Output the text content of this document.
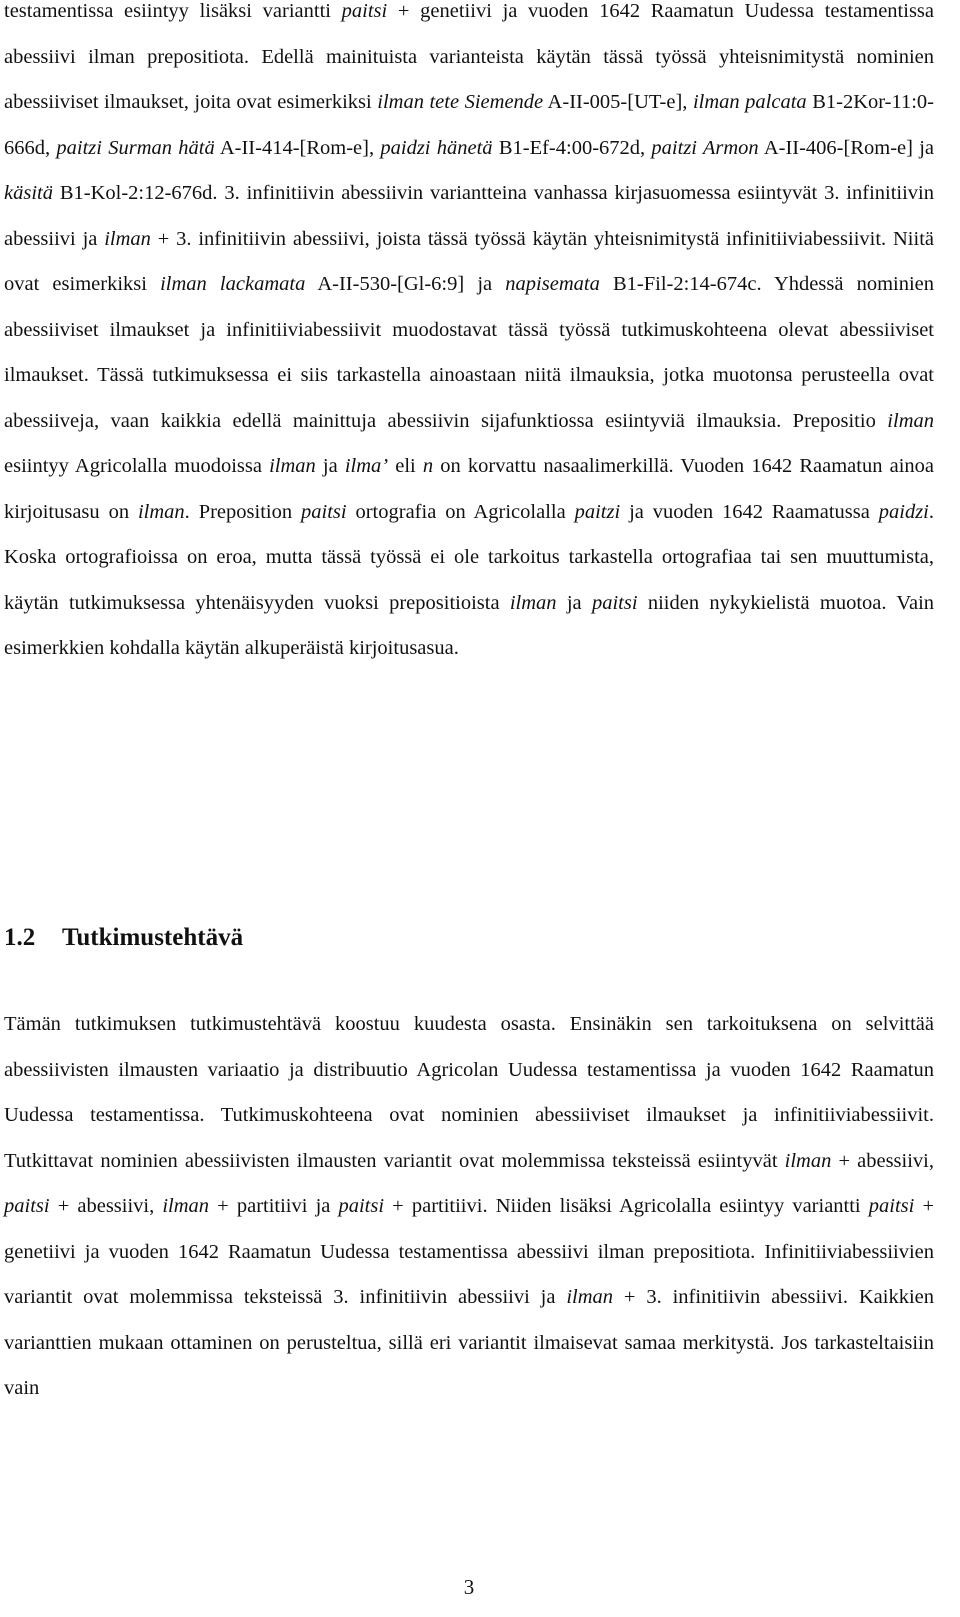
testamentissa esiintyy lisäksi variantti paitsi + genetiivi ja vuoden 1642 Raamatun Uudessa testamentissa abessiivi ilman prepositiota. Edellä mainituista varianteista käytän tässä työssä yhteisnimitystä nominien abessiiviset ilmaukset, joita ovat esimerkiksi ilman tete Siemende A-II-005-[UT-e], ilman palcata B1-2Kor-11:0-666d, paitzi Surman hätä A-II-414-[Rom-e], paidzi hänetä B1-Ef-4:00-672d, paitzi Armon A-II-406-[Rom-e] ja käsitä B1-Kol-2:12-676d. 3. infinitiivin abessiivin variantteina vanhassa kirjasuomessa esiintyvät 3. infinitiivin abessiivi ja ilman + 3. infinitiivin abessiivi, joista tässä työssä käytän yhteisnimitystä infinitiiviabessiivit. Niitä ovat esimerkiksi ilman lackamata A-II-530-[Gl-6:9] ja napisemata B1-Fil-2:14-674c. Yhdessä nominien abessiiviset ilmaukset ja infinitiiviabessiivit muodostavat tässä työssä tutkimuskohteena olevat abessiiviset ilmaukset. Tässä tutkimuksessa ei siis tarkastella ainoastaan niitä ilmauksia, jotka muotonsa perusteella ovat abessiiveja, vaan kaikkia edellä mainittuja abessiivin sijafunktiossa esiintyviä ilmauksia. Prepositio ilman esiintyy Agricolalla muodoissa ilman ja ilma’ eli n on korvattu nasaalimerkillä. Vuoden 1642 Raamatun ainoa kirjoitusasu on ilman. Preposition paitsi ortografia on Agricolalla paitzi ja vuoden 1642 Raamatussa paidzi. Koska ortografioissa on eroa, mutta tässä työssä ei ole tarkoitus tarkastella ortografiaa tai sen muuttumista, käytän tutkimuksessa yhtenäisyyden vuoksi prepositioista ilman ja paitsi niiden nykykielistä muotoa. Vain esimerkkien kohdalla käytän alkuperäistä kirjoitusasua.

1.2 Tutkimustehtävä

Tämän tutkimuksen tutkimustehtävä koostuu kuudesta osasta. Ensinäkin sen tarkoituksena on selvittää abessiivisten ilmausten variaatio ja distribuutio Agricolan Uudessa testamentissa ja vuoden 1642 Raamatun Uudessa testamentissa. Tutkimuskohteena ovat nominien abessiiviset ilmaukset ja infinitiiviabessiivit. Tutkittavat nominien abessiivisten ilmausten variantit ovat molemmissa teksteissä esiintyvät ilman + abessiivi, paitsi + abessiivi, ilman + partitiivi ja paitsi + partitiivi. Niiden lisäksi Agricolalla esiintyy variantti paitsi + genetiivi ja vuoden 1642 Raamatun Uudessa testamentissa abessiivi ilman prepositiota. Infinitiiviabessiivien variantit ovat molemmissa teksteissä 3. infinitiivin abessiivi ja ilman + 3. infinitiivin abessiivi. Kaikkien varianttien mukaan ottaminen on perusteltua, sillä eri variantit ilmaisevat samaa merkitystä. Jos tarkasteltaisiin vain

3
